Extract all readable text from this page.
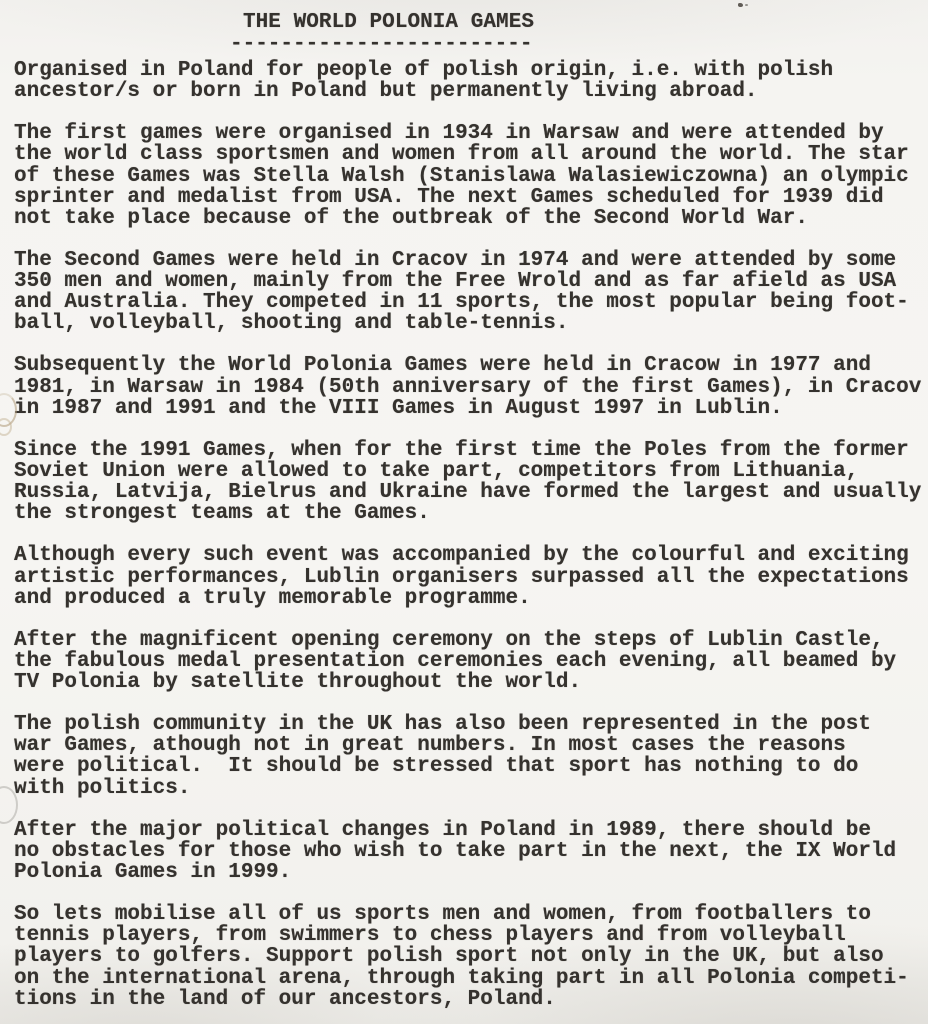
THE WORLD POLONIA GAMES
------------------------
Organised in Poland for people of polish origin, i.e. with polish
ancestor/s or born in Poland but permanently living abroad.
The first games were organised in 1934 in Warsaw and were attended by
the world class sportsmen and women from all around the world. The star
of these Games was Stella Walsh (Stanislawa Walasiewiczowna) an olympic
sprinter and medalist from USA. The next Games scheduled for 1939 did
not take place because of the outbreak of the Second World War.
The Second Games were held in Cracov in 1974 and were attended by some
350 men and women, mainly from the Free Wrold and as far afield as USA
and Australia. They competed in 11 sports, the most popular being foot-
ball, volleyball, shooting and table-tennis.
Subsequently the World Polonia Games were held in Cracow in 1977 and
1981, in Warsaw in 1984 (50th anniversary of the first Games), in Cracov
in 1987 and 1991 and the VIII Games in August 1997 in Lublin.
Since the 1991 Games, when for the first time the Poles from the former
Soviet Union were allowed to take part, competitors from Lithuania,
Russia, Latvija, Bielrus and Ukraine have formed the largest and usually
the strongest teams at the Games.
Although every such event was accompanied by the colourful and exciting
artistic performances, Lublin organisers surpassed all the expectations
and produced a truly memorable programme.
After the magnificent opening ceremony on the steps of Lublin Castle,
the fabulous medal presentation ceremonies each evening, all beamed by
TV Polonia by satellite throughout the world.
The polish community in the UK has also been represented in the post
war Games, athough not in great numbers. In most cases the reasons
were political.  It should be stressed that sport has nothing to do
with politics.
After the major political changes in Poland in 1989, there should be
no obstacles for those who wish to take part in the next, the IX World
Polonia Games in 1999.
So lets mobilise all of us sports men and women, from footballers to
tennis players, from swimmers to chess players and from volleyball
players to golfers. Support polish sport not only in the UK, but also
on the international arena, through taking part in all Polonia competi-
tions in the land of our ancestors, Poland.
